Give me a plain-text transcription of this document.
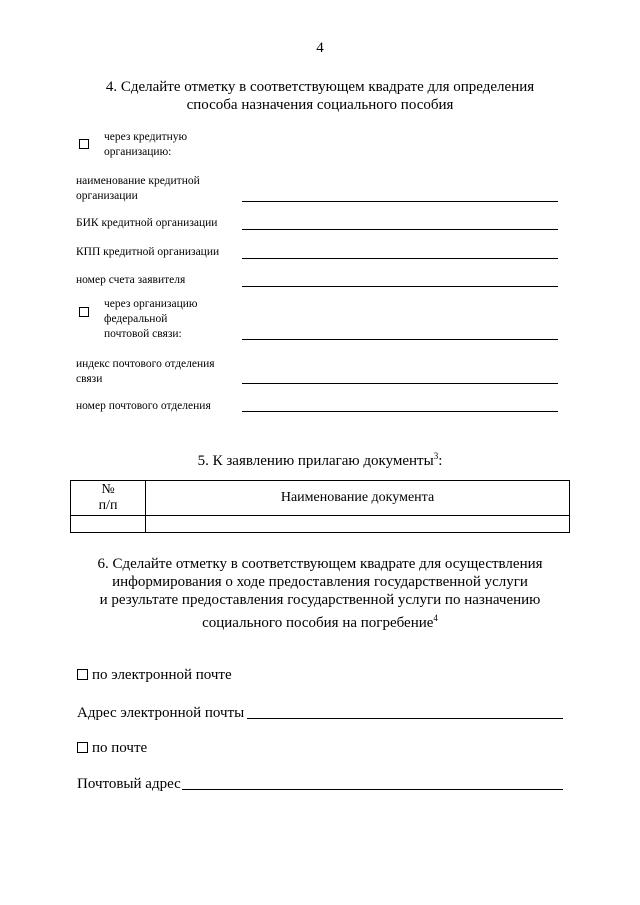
4
4. Сделайте отметку в соответствующем квадрате для определения
способа назначения социального пособия
через кредитную
организацию:
наименование кредитной
организации
БИК кредитной организации
КПП кредитной организации
номер счета заявителя
через организацию
федеральной
почтовой связи:
индекс почтового отделения
связи
номер почтового отделения
5. К заявлению прилагаю документы$^3$:
№
п/п	Наименование документа

6. Сделайте отметку в соответствующем квадрате для осуществления
информирования о ходе предоставления государственной услуги
и результате предоставления государственной услуги по назначению
социального пособия на погребение$^4$
по электронной почте
Адрес электронной почты
по почте
Почтовый адрес
